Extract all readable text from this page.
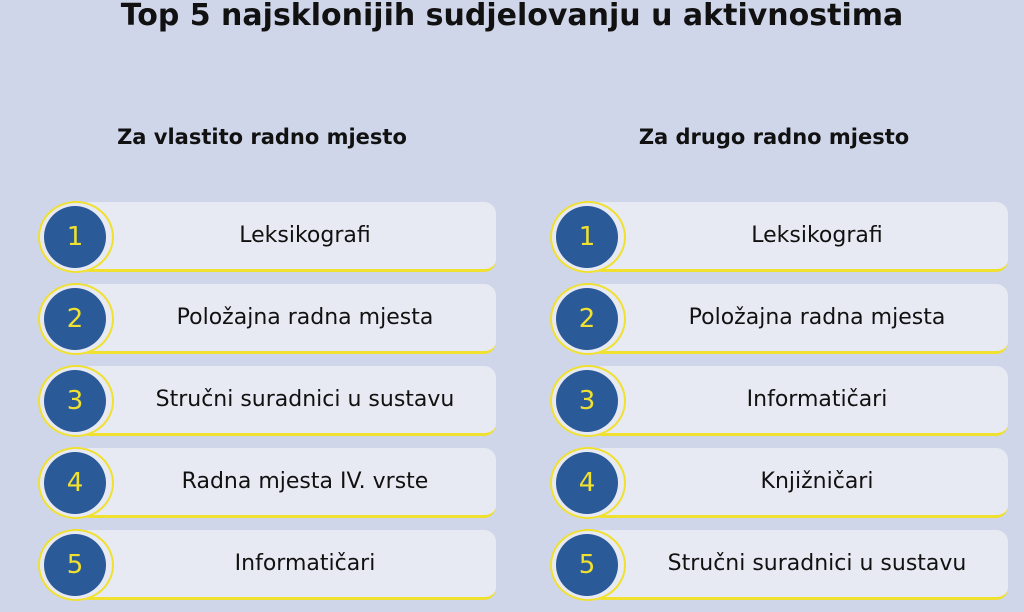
Top 5 najsklonijih sudjelovanju u aktivnostima
Za vlastito radno mjesto	Za drugo radno mjesto
Leksikografi
1
Položajna radna mjesta
2
Stručni suradnici u sustavu
3
Radna mjesta IV. vrste
4
Informatičari
5
Leksikografi
1
Položajna radna mjesta
2
Informatičari
3
Knjižničari
4
Stručni suradnici u sustavu
5
